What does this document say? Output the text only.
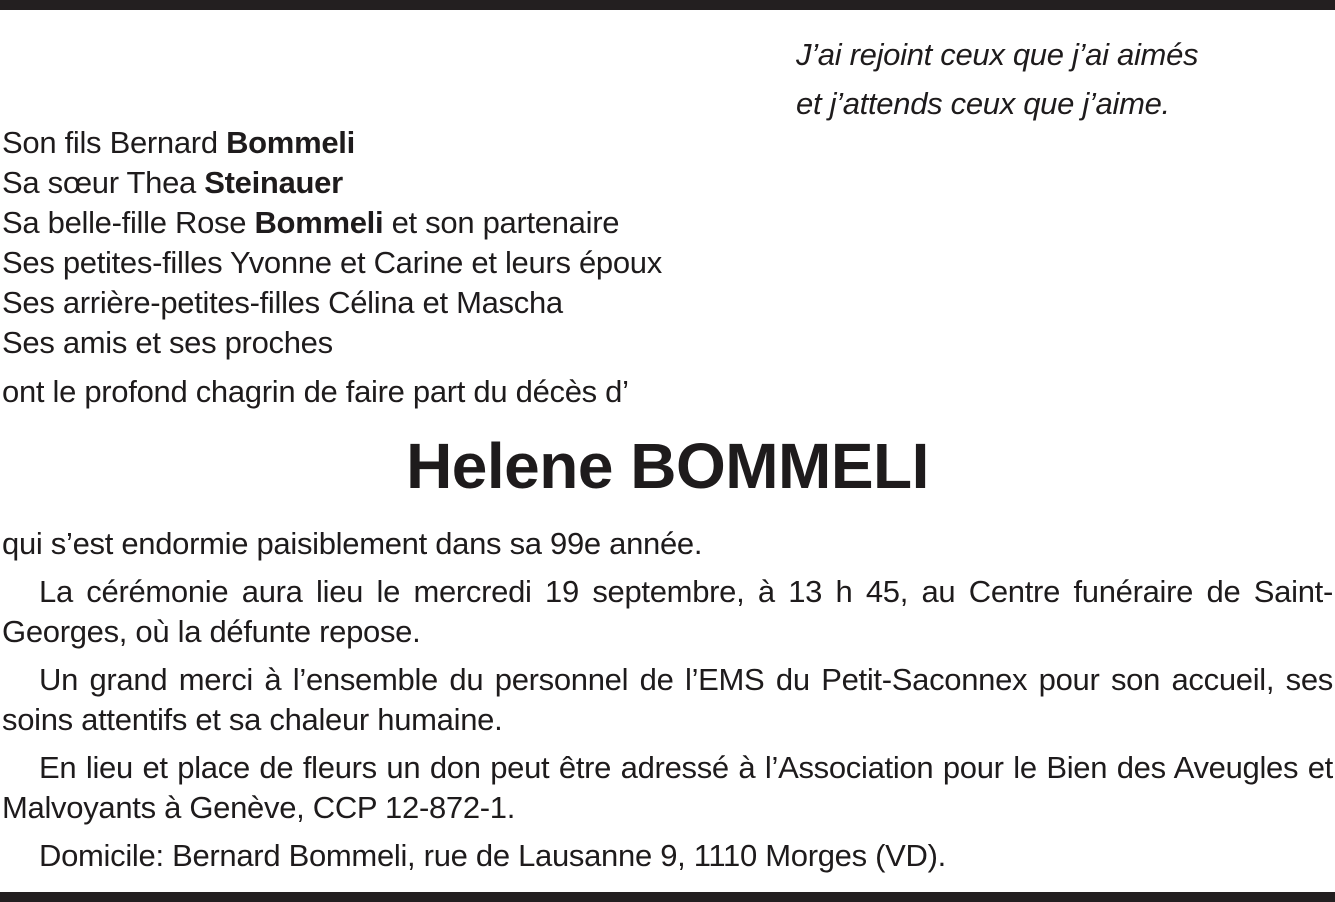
J’ai rejoint ceux que j’ai aimés
et j’attends ceux que j’aime.
Son fils Bernard Bommeli
Sa sœur Thea Steinauer
Sa belle-fille Rose Bommeli et son partenaire
Ses petites-filles Yvonne et Carine et leurs époux
Ses arrière-petites-filles Célina et Mascha
Ses amis et ses proches
ont le profond chagrin de faire part du décès d’
Helene BOMMELI
qui s’est endormie paisiblement dans sa 99e année.
La cérémonie aura lieu le mercredi 19 septembre, à 13 h 45, au Centre funéraire de Saint-Georges, où la défunte repose.
Un grand merci à l’ensemble du personnel de l’EMS du Petit-Saconnex pour son accueil, ses soins attentifs et sa chaleur humaine.
En lieu et place de fleurs un don peut être adressé à l’Association pour le Bien des Aveugles et Malvoyants à Genève, CCP 12-872-1.
Domicile: Bernard Bommeli, rue de Lausanne 9, 1110 Morges (VD).
